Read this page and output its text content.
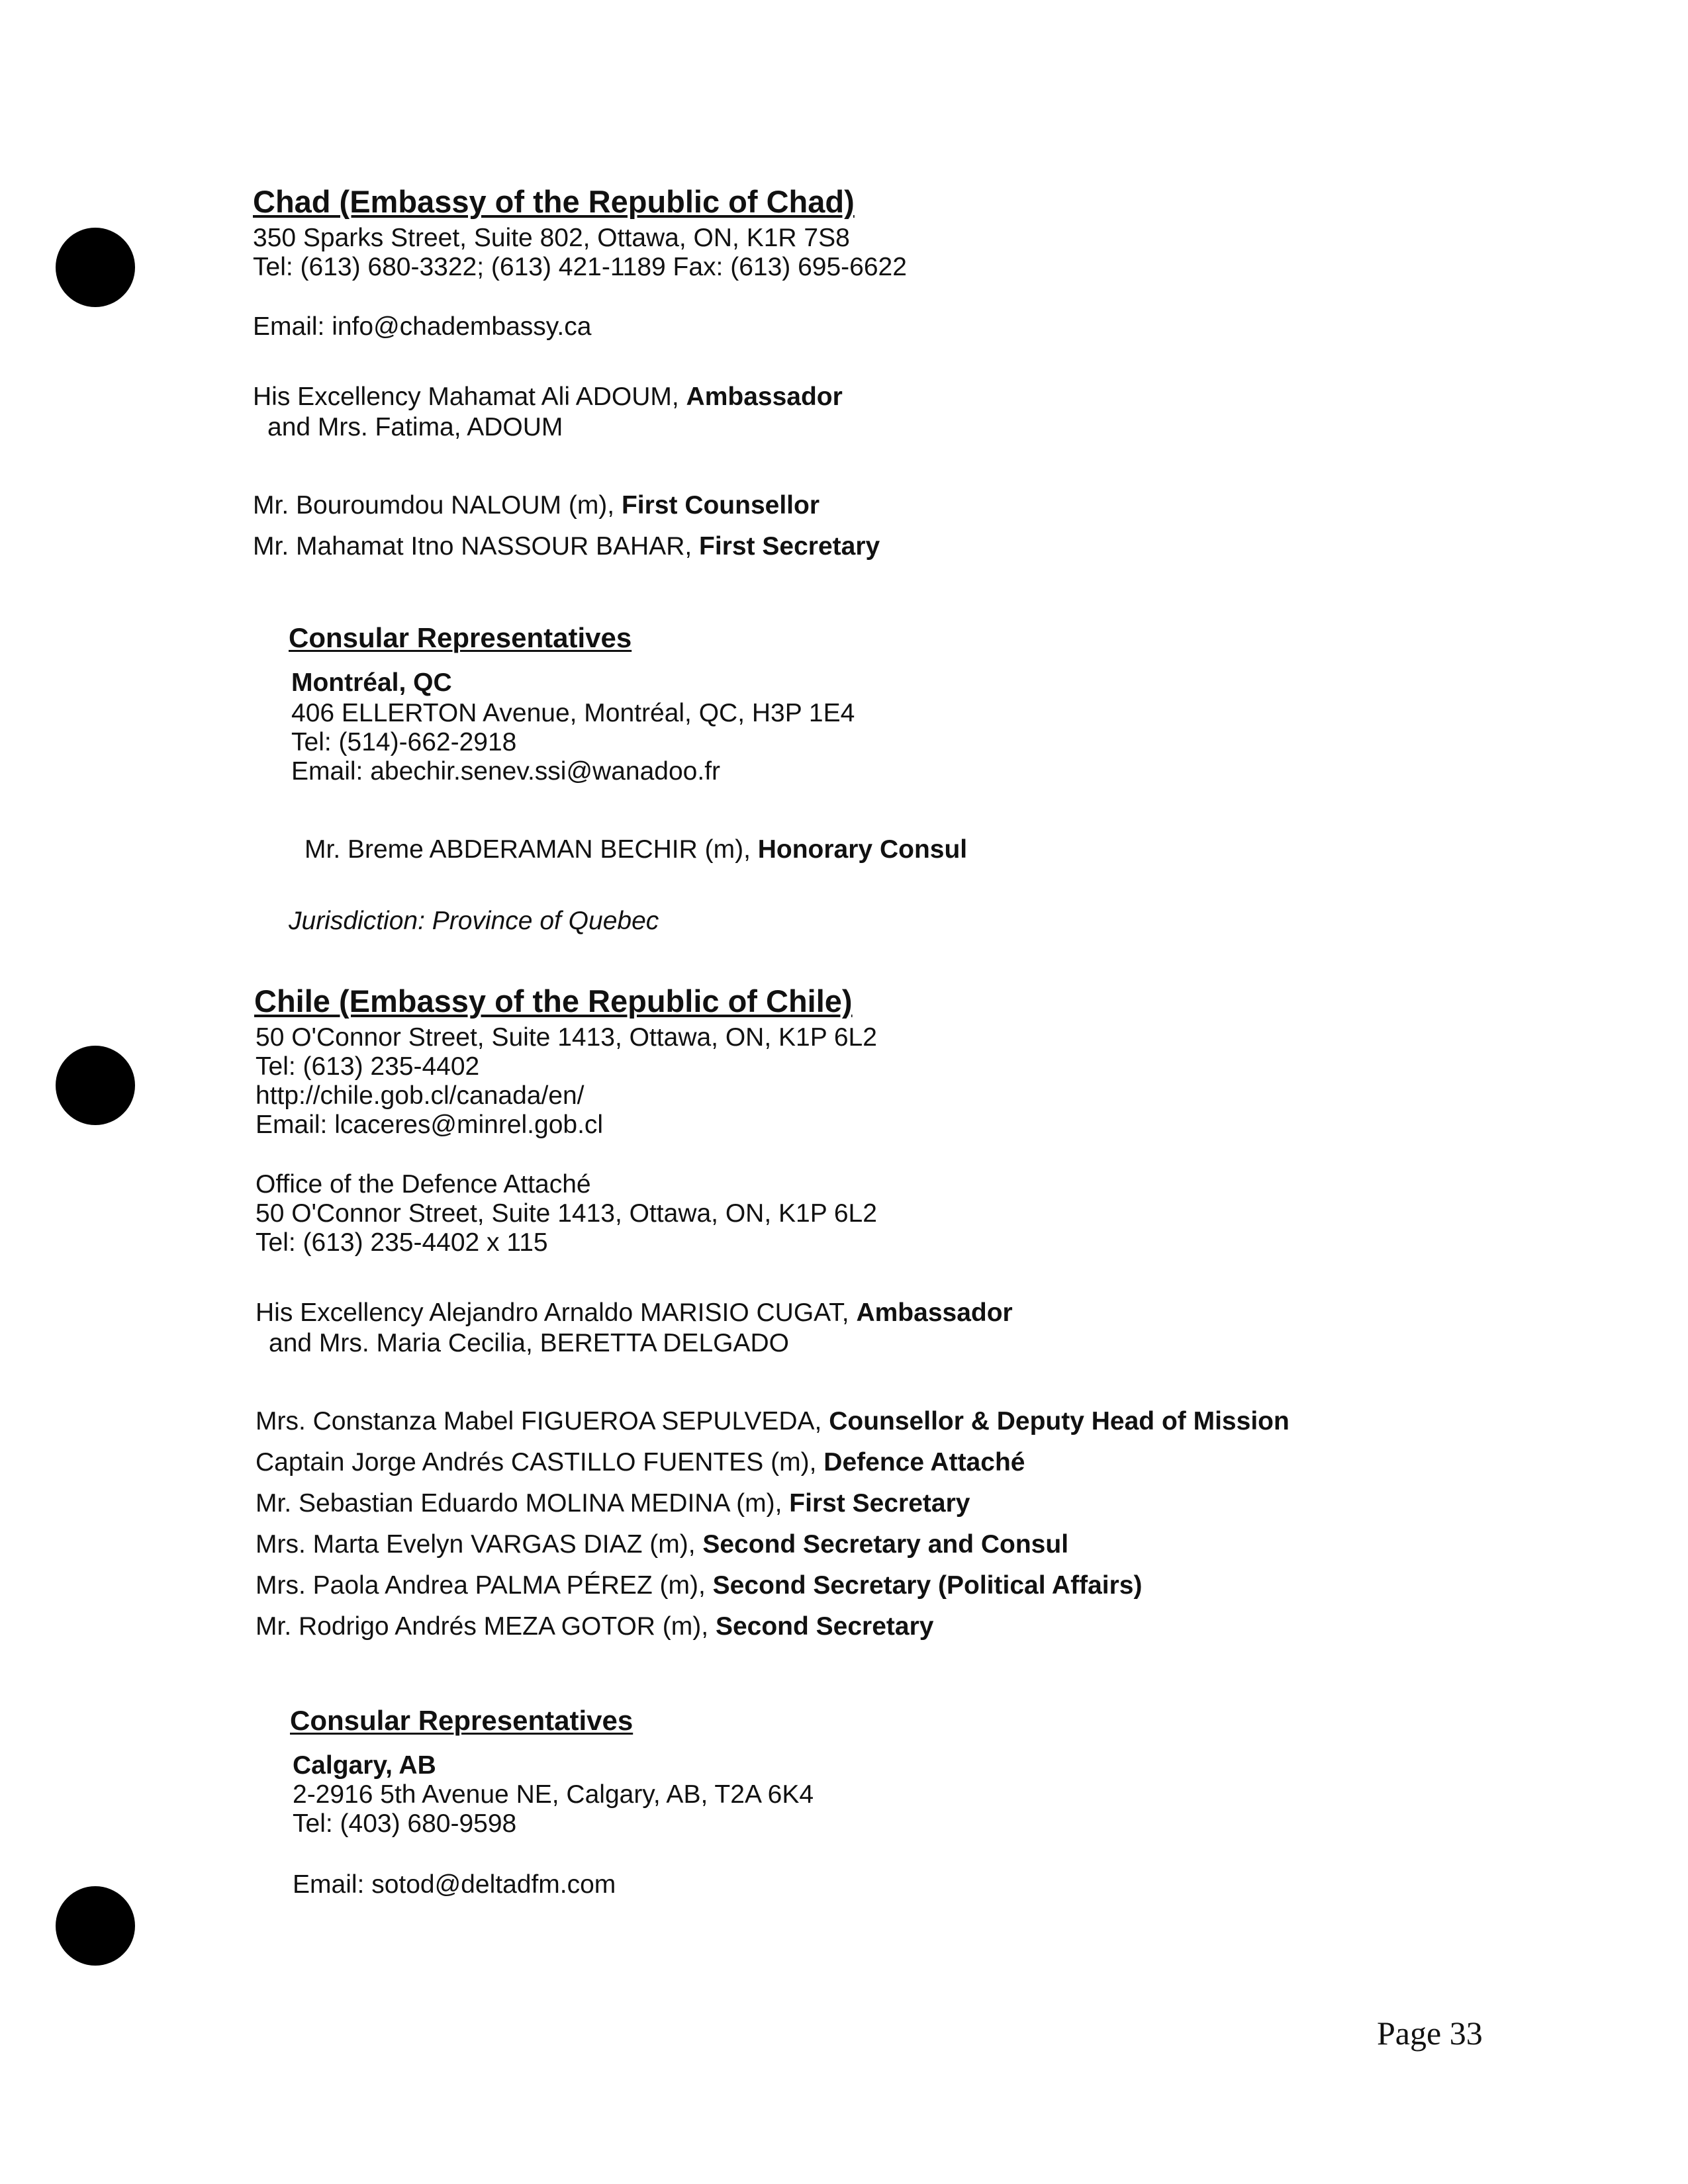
Chad (Embassy of the Republic of Chad)
350 Sparks Street, Suite 802, Ottawa, ON, K1R 7S8
Tel: (613) 680-3322; (613) 421-1189 Fax: (613) 695-6622
Email: info@chadembassy.ca
His Excellency Mahamat Ali ADOUM, Ambassador
and Mrs. Fatima, ADOUM
Mr. Bouroumdou NALOUM (m), First Counsellor
Mr. Mahamat Itno NASSOUR BAHAR, First Secretary
Consular Representatives
Montréal, QC
406 ELLERTON Avenue, Montréal, QC, H3P 1E4
Tel: (514)-662-2918
Email: abechir.senev.ssi@wanadoo.fr
Mr. Breme ABDERAMAN BECHIR (m), Honorary Consul
Jurisdiction: Province of Quebec
Chile (Embassy of the Republic of Chile)
50 O'Connor Street, Suite 1413, Ottawa, ON, K1P 6L2
Tel: (613) 235-4402
http://chile.gob.cl/canada/en/
Email: lcaceres@minrel.gob.cl
Office of the Defence Attaché
50 O'Connor Street, Suite 1413, Ottawa, ON, K1P 6L2
Tel: (613) 235-4402 x 115
His Excellency Alejandro Arnaldo MARISIO CUGAT, Ambassador
and Mrs. Maria Cecilia, BERETTA DELGADO
Mrs. Constanza Mabel FIGUEROA SEPULVEDA, Counsellor & Deputy Head of Mission
Captain Jorge Andrés CASTILLO FUENTES (m), Defence Attaché
Mr. Sebastian Eduardo MOLINA MEDINA (m), First Secretary
Mrs. Marta Evelyn VARGAS DIAZ (m), Second Secretary and Consul
Mrs. Paola Andrea PALMA PÉREZ (m), Second Secretary (Political Affairs)
Mr. Rodrigo Andrés MEZA GOTOR (m), Second Secretary
Consular Representatives
Calgary, AB
2-2916 5th Avenue NE, Calgary, AB, T2A 6K4
Tel: (403) 680-9598
Email: sotod@deltadfm.com
Page 33
